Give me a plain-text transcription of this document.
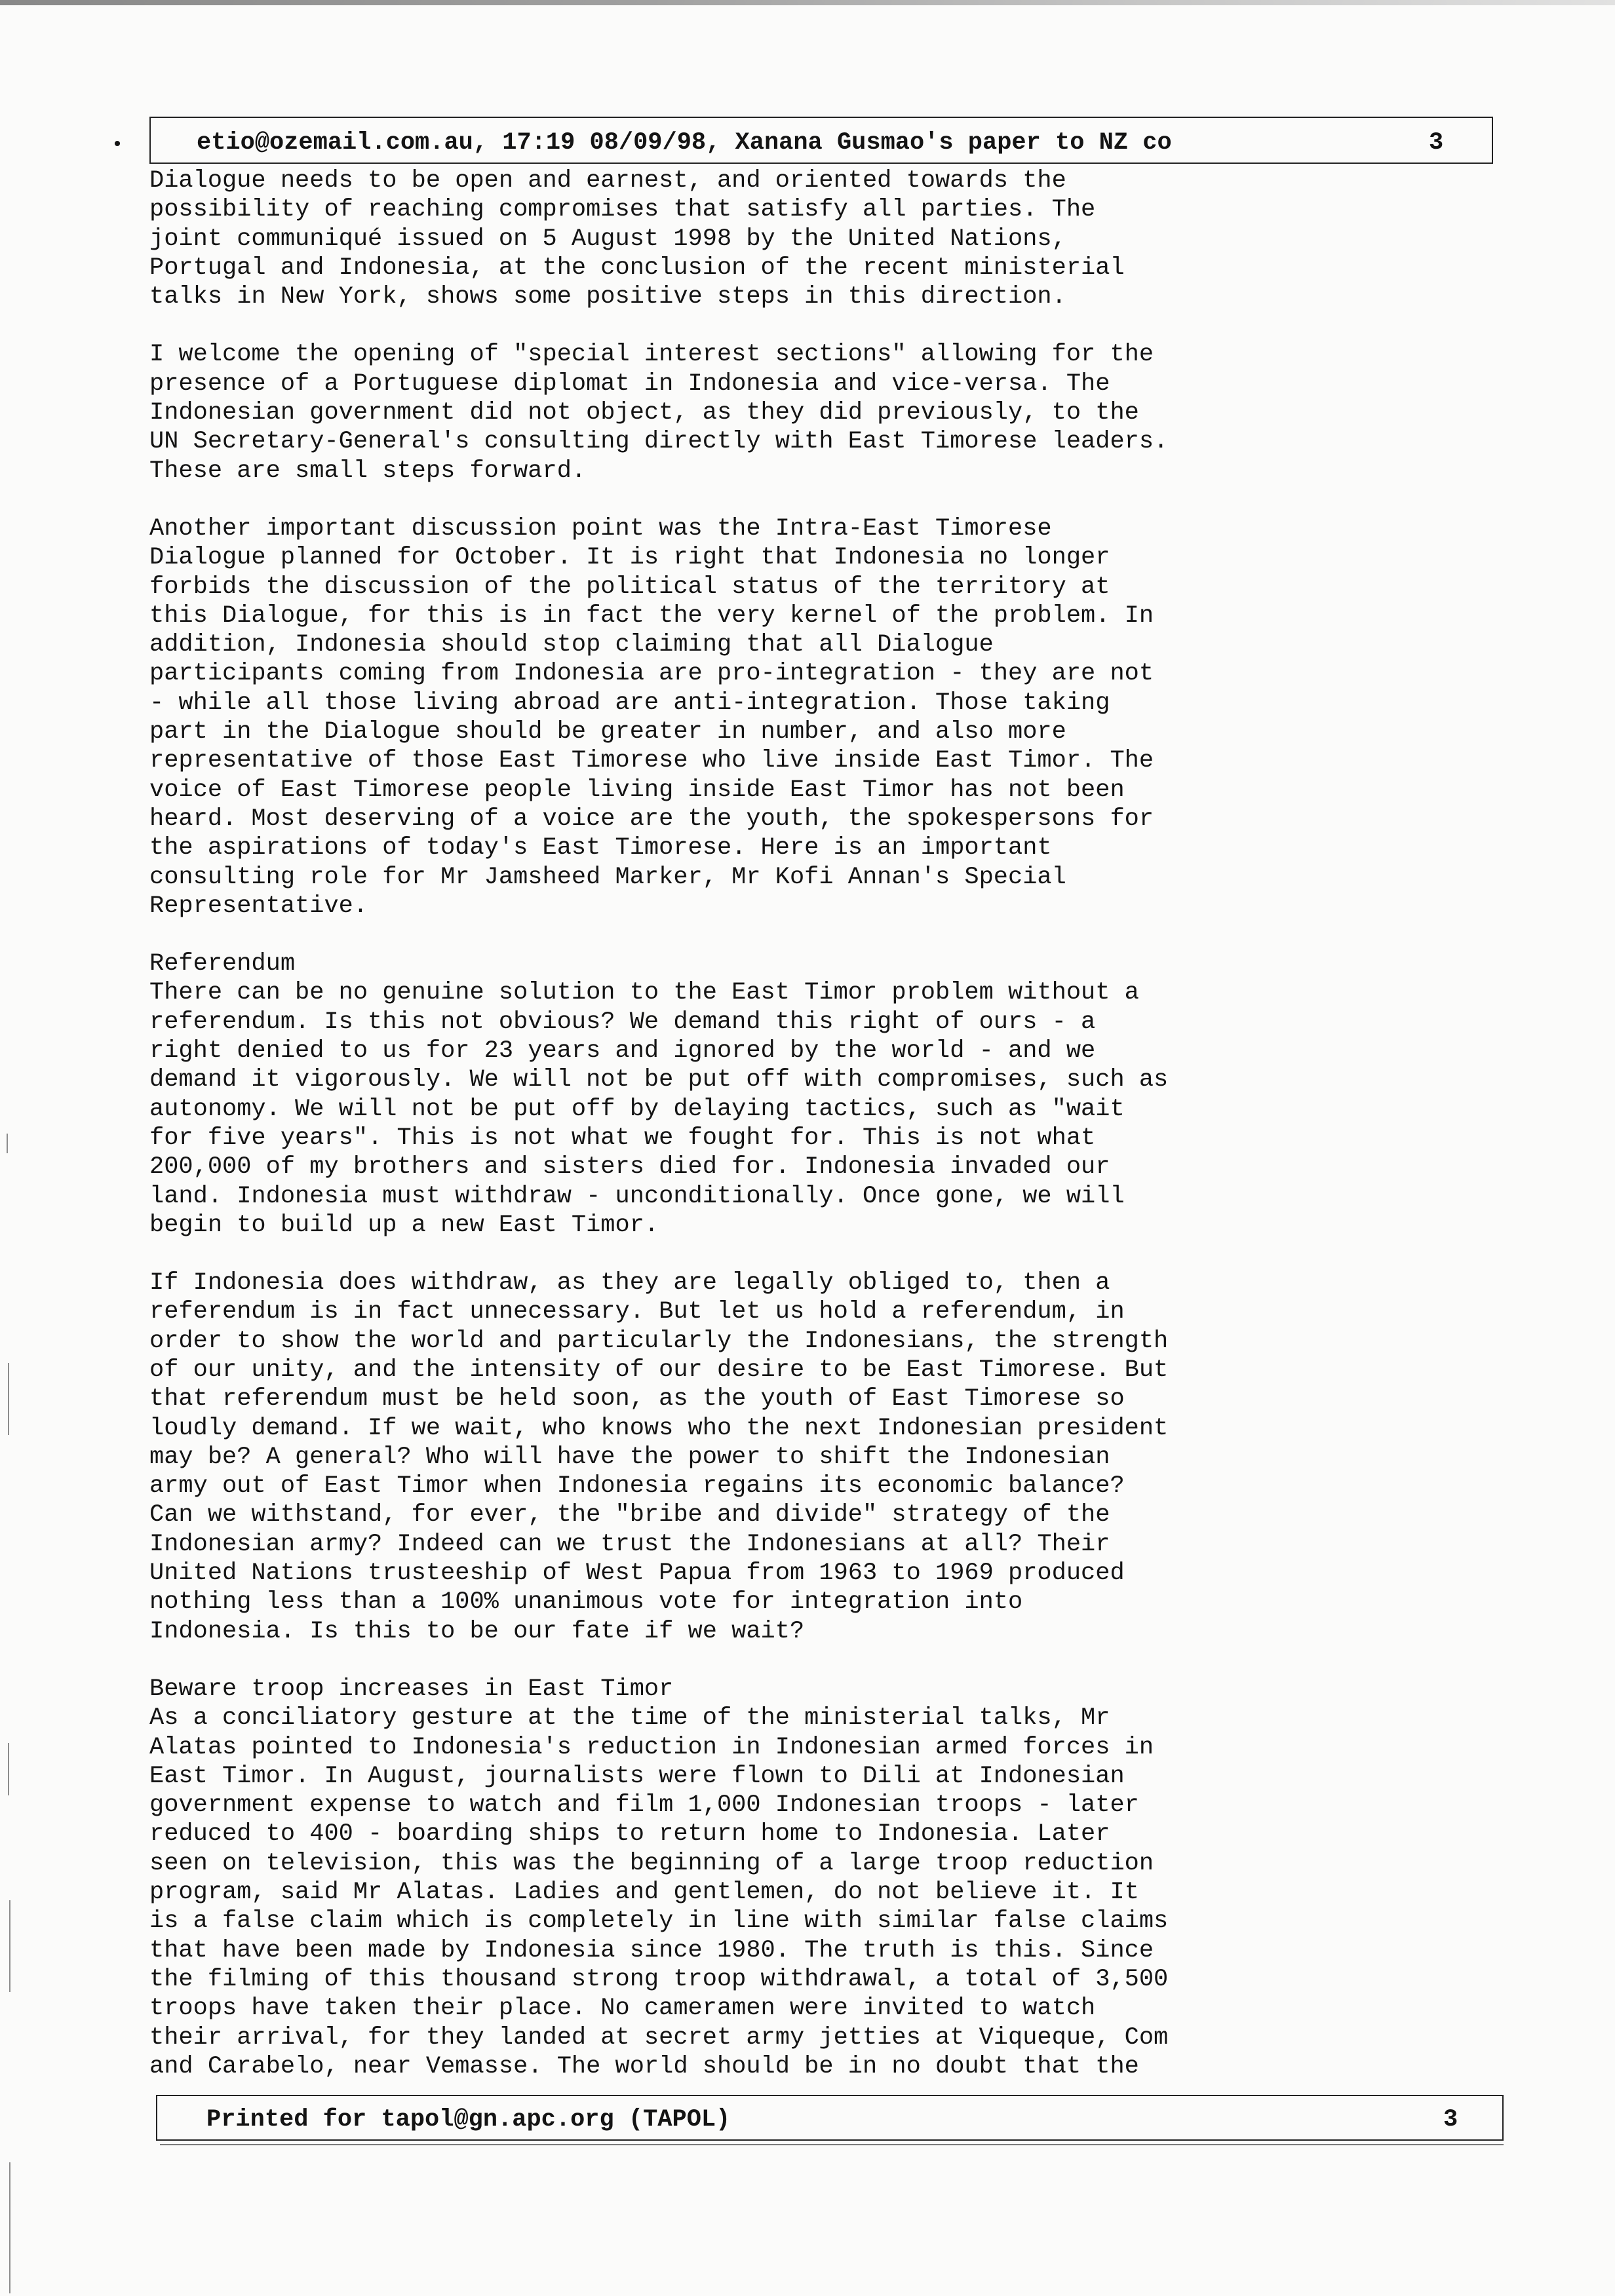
•	etio@ozemail.com.au, 17:19 08/09/98, Xanana Gusmao's paper to NZ co	3
Dialogue needs to be open and earnest, and oriented towards the
possibility of reaching compromises that satisfy all parties. The
joint communiqué issued on 5 August 1998 by the United Nations,
Portugal and Indonesia, at the conclusion of the recent ministerial
talks in New York, shows some positive steps in this direction.
I welcome the opening of "special interest sections" allowing for the
presence of a Portuguese diplomat in Indonesia and vice-versa. The
Indonesian government did not object, as they did previously, to the
UN Secretary-General's consulting directly with East Timorese leaders.
These are small steps forward.
Another important discussion point was the Intra-East Timorese
Dialogue planned for October. It is right that Indonesia no longer
forbids the discussion of the political status of the territory at
this Dialogue, for this is in fact the very kernel of the problem. In
addition, Indonesia should stop claiming that all Dialogue
participants coming from Indonesia are pro-integration - they are not
- while all those living abroad are anti-integration. Those taking
part in the Dialogue should be greater in number, and also more
representative of those East Timorese who live inside East Timor. The
voice of East Timorese people living inside East Timor has not been
heard. Most deserving of a voice are the youth, the spokespersons for
the aspirations of today's East Timorese. Here is an important
consulting role for Mr Jamsheed Marker, Mr Kofi Annan's Special
Representative.
Referendum
There can be no genuine solution to the East Timor problem without a
referendum. Is this not obvious? We demand this right of ours - a
right denied to us for 23 years and ignored by the world - and we
demand it vigorously. We will not be put off with compromises, such as
autonomy. We will not be put off by delaying tactics, such as "wait
for five years". This is not what we fought for. This is not what
200,000 of my brothers and sisters died for. Indonesia invaded our
land. Indonesia must withdraw - unconditionally. Once gone, we will
begin to build up a new East Timor.
If Indonesia does withdraw, as they are legally obliged to, then a
referendum is in fact unnecessary. But let us hold a referendum, in
order to show the world and particularly the Indonesians, the strength
of our unity, and the intensity of our desire to be East Timorese. But
that referendum must be held soon, as the youth of East Timorese so
loudly demand. If we wait, who knows who the next Indonesian president
may be? A general? Who will have the power to shift the Indonesian
army out of East Timor when Indonesia regains its economic balance?
Can we withstand, for ever, the "bribe and divide" strategy of the
Indonesian army? Indeed can we trust the Indonesians at all? Their
United Nations trusteeship of West Papua from 1963 to 1969 produced
nothing less than a 100% unanimous vote for integration into
Indonesia. Is this to be our fate if we wait?
Beware troop increases in East Timor
As a conciliatory gesture at the time of the ministerial talks, Mr
Alatas pointed to Indonesia's reduction in Indonesian armed forces in
East Timor. In August, journalists were flown to Dili at Indonesian
government expense to watch and film 1,000 Indonesian troops - later
reduced to 400 - boarding ships to return home to Indonesia. Later
seen on television, this was the beginning of a large troop reduction
program, said Mr Alatas. Ladies and gentlemen, do not believe it. It
is a false claim which is completely in line with similar false claims
that have been made by Indonesia since 1980. The truth is this. Since
the filming of this thousand strong troop withdrawal, a total of 3,500
troops have taken their place. No cameramen were invited to watch
their arrival, for they landed at secret army jetties at Viqueque, Com
and Carabelo, near Vemasse. The world should be in no doubt that the
Printed for tapol@gn.apc.org (TAPOL)	3
